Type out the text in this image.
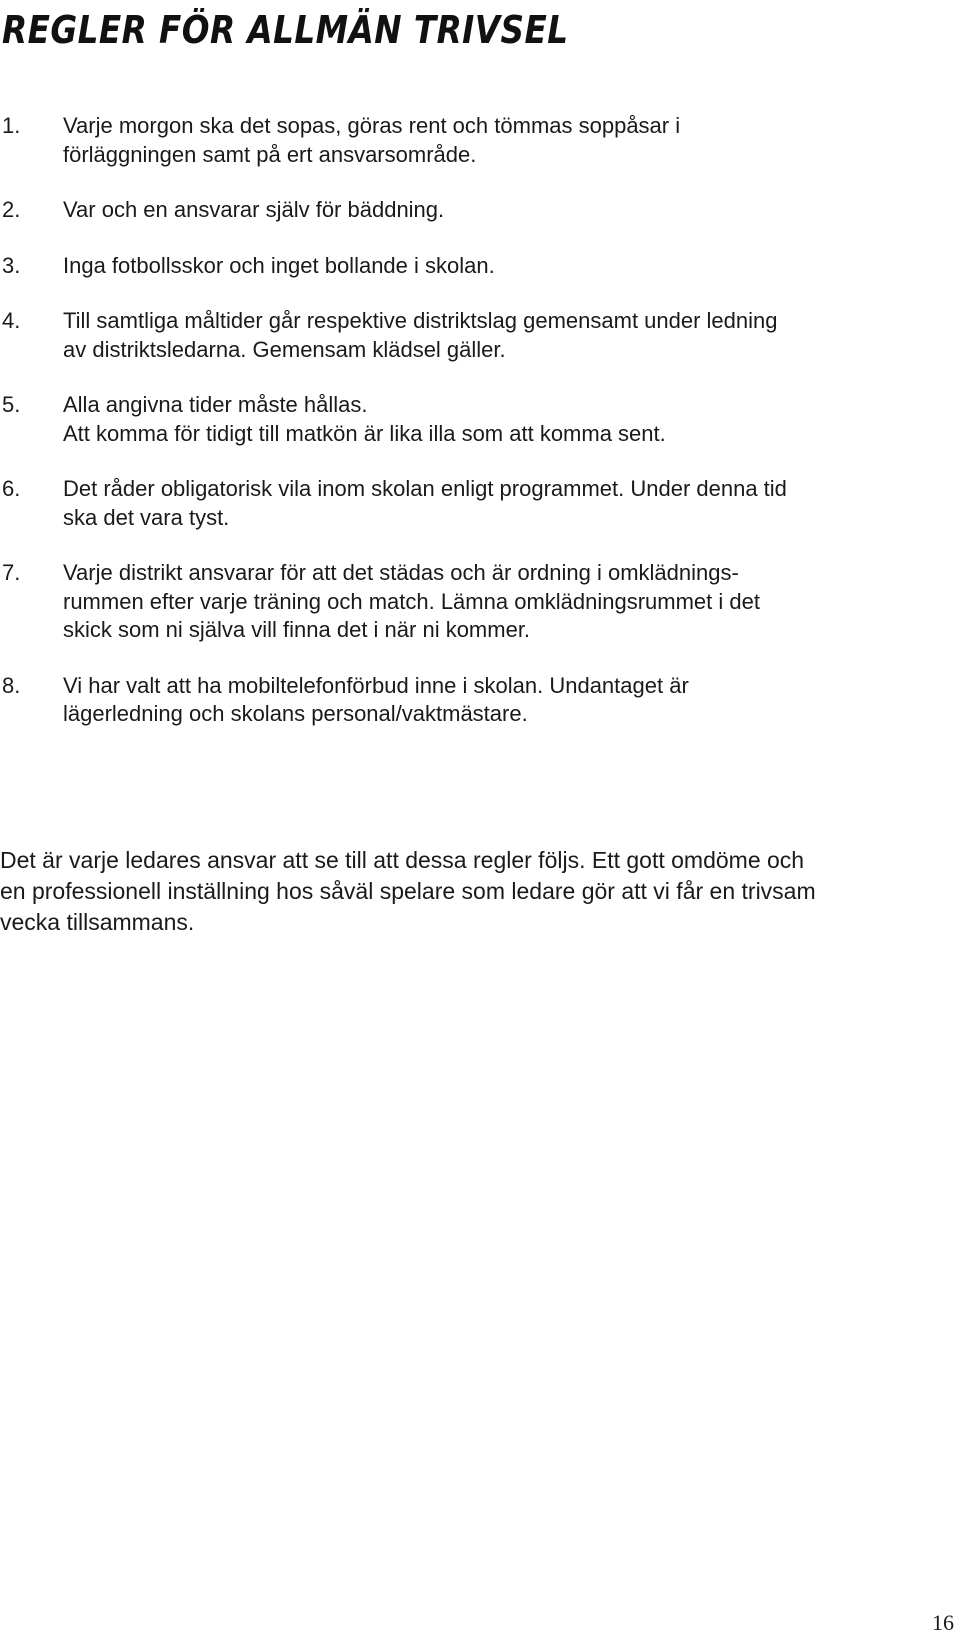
REGLER FÖR ALLMÄN TRIVSEL
1. Varje morgon ska det sopas, göras rent och tömmas soppåsar i
förläggningen samt på ert ansvarsområde.
2. Var och en ansvarar själv för bäddning.
3. Inga fotbollsskor och inget bollande i skolan.
4. Till samtliga måltider går respektive distriktslag gemensamt under ledning
av distriktsledarna. Gemensam klädsel gäller.
5. Alla angivna tider måste hållas.
Att komma för tidigt till matkön är lika illa som att komma sent.
6. Det råder obligatorisk vila inom skolan enligt programmet. Under denna tid
ska det vara tyst.
7. Varje distrikt ansvarar för att det städas och är ordning i omklädnings-
rummen efter varje träning och match. Lämna omklädningsrummet i det
skick som ni själva vill finna det i när ni kommer.
8. Vi har valt att ha mobiltelefonförbud inne i skolan. Undantaget är
lägerledning och skolans personal/vaktmästare.

Det är varje ledares ansvar att se till att dessa regler följs. Ett gott omdöme och
en professionell inställning hos såväl spelare som ledare gör att vi får en trivsam
vecka tillsammans.

16
